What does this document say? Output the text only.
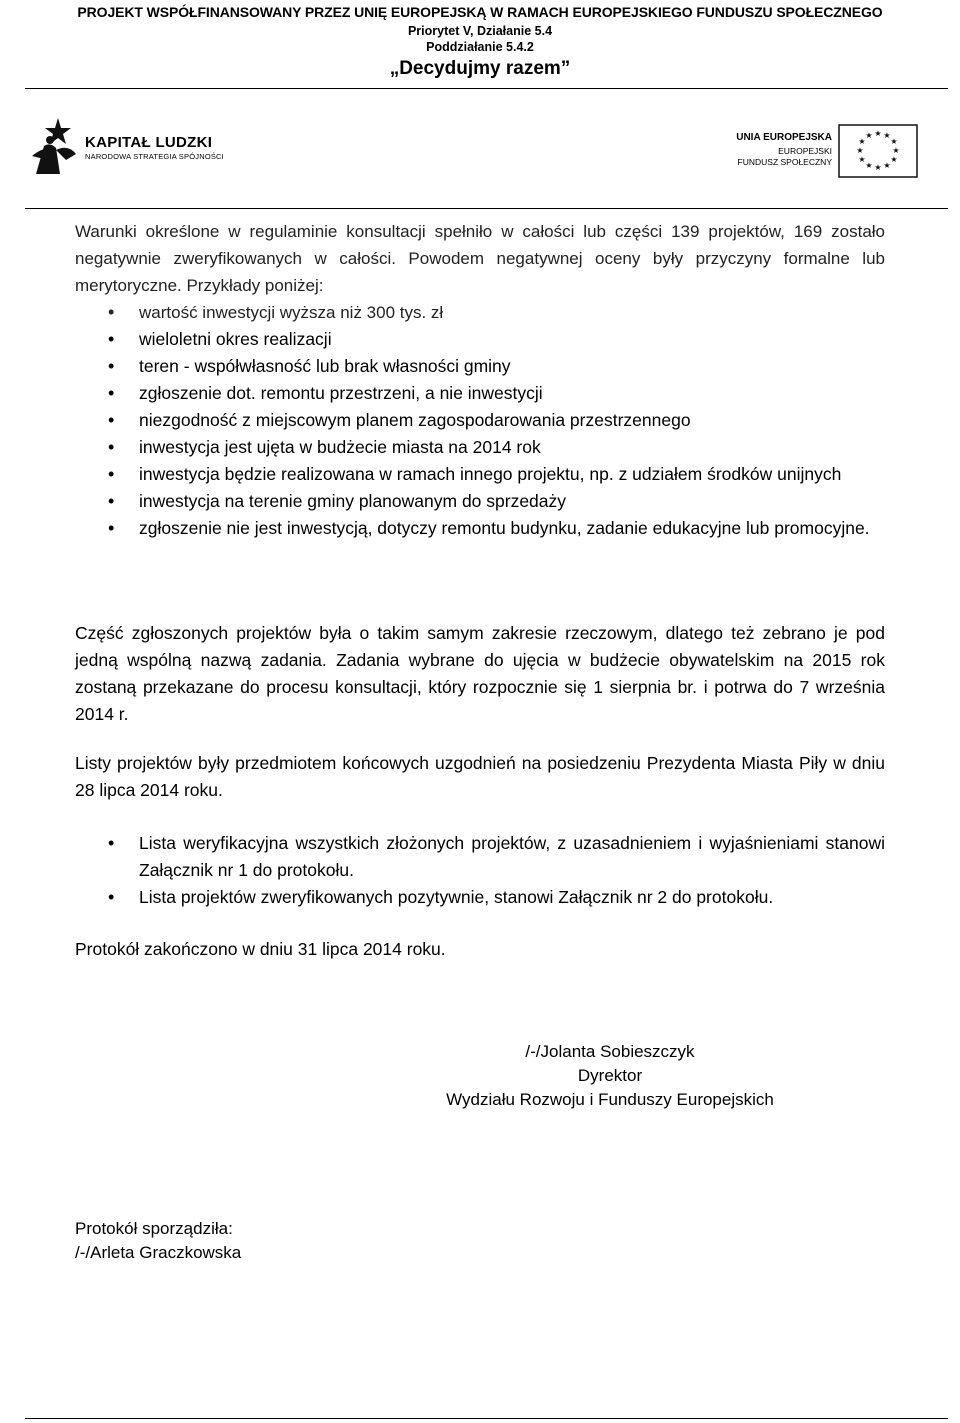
PROJEKT WSPÓŁFINANSOWANY PRZEZ UNIĘ EUROPEJSKĄ W RAMACH EUROPEJSKIEGO FUNDUSZU SPOŁECZNEGO
Priorytet V, Działanie 5.4
Poddziałanie 5.4.2
„Decydujmy razem”
KAPITAŁ LUDZKI
NARODOWA STRATEGIA SPÓJNOŚCI
UNIA EUROPEJSKA
EUROPEJSKI
FUNDUSZ SPOŁECZNY
★ ★
★
★
★
★
★
★
★
★
★
★
Warunki określone w regulaminie konsultacji spełniło w całości lub części 139 projektów, 169 zostało negatywnie zweryfikowanych w całości. Powodem negatywnej oceny były przyczyny formalne lub merytoryczne. Przykłady poniżej:
• wartość inwestycji wyższa niż 300 tys. zł
• wieloletni okres realizacji
• teren - współwłasność lub brak własności gminy
• zgłoszenie dot. remontu przestrzeni, a nie inwestycji
• niezgodność z miejscowym planem zagospodarowania przestrzennego
• inwestycja jest ujęta w budżecie miasta na 2014 rok
• inwestycja będzie realizowana w ramach innego projektu, np. z udziałem środków unijnych
• inwestycja na terenie gminy planowanym do sprzedaży
• zgłoszenie nie jest inwestycją, dotyczy remontu budynku, zadanie edukacyjne lub promocyjne.
Część zgłoszonych projektów była o takim samym zakresie rzeczowym, dlatego też zebrano je pod jedną wspólną nazwą zadania. Zadania wybrane do ujęcia w budżecie obywatelskim na 2015 rok zostaną przekazane do procesu konsultacji, który rozpocznie się 1 sierpnia br. i potrwa do 7 września 2014 r.
Listy projektów były przedmiotem końcowych uzgodnień na posiedzeniu Prezydenta Miasta Piły w dniu 28 lipca 2014 roku.
• Lista weryfikacyjna wszystkich złożonych projektów, z uzasadnieniem i wyjaśnieniami stanowi Załącznik nr 1 do protokołu.
• Lista projektów zweryfikowanych pozytywnie, stanowi Załącznik nr 2 do protokołu.
Protokół zakończono w dniu 31 lipca 2014 roku.
/-/Jolanta Sobieszczyk
Dyrektor
Wydziału Rozwoju i Funduszy Europejskich
Protokół sporządziła:
/-/Arleta Graczkowska
